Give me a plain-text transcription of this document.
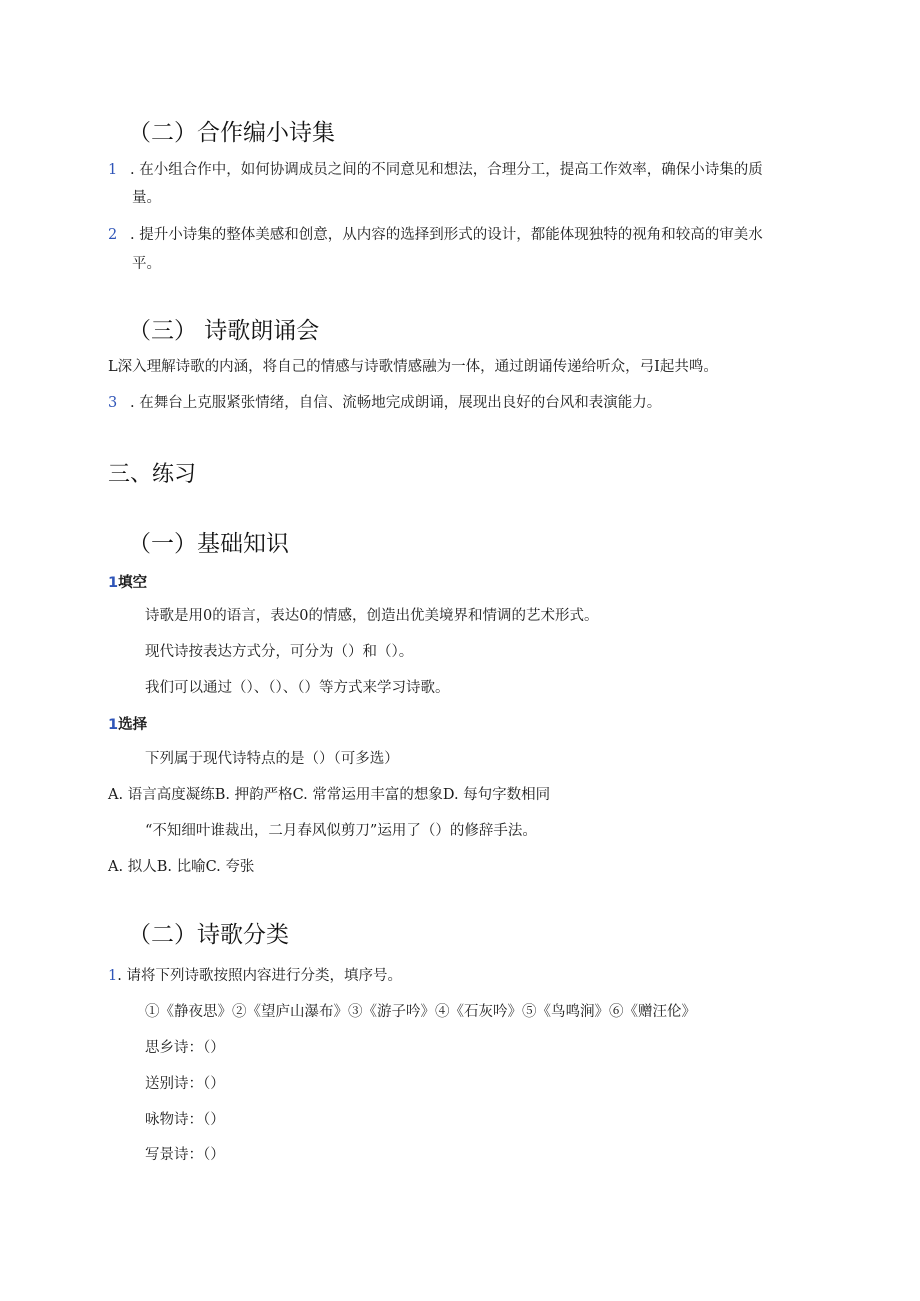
（二）合作编小诗集
1 . 在小组合作中，如何协调成员之间的不同意见和想法，合理分工，提高工作效率，确保小诗集的质
量。
2 . 提升小诗集的整体美感和创意，从内容的选择到形式的设计，都能体现独特的视角和较高的审美水
平。
（三） 诗歌朗诵会
L深入理解诗歌的内涵，将自己的情感与诗歌情感融为一体，通过朗诵传递给听众，弓I起共鸣。
3 . 在舞台上克服紧张情绪，自信、流畅地完成朗诵，展现出良好的台风和表演能力。
三、练习
（一）基础知识
1填空
诗歌是用0的语言，表达0的情感，创造出优美境界和情调的艺术形式。
现代诗按表达方式分，可分为（）和（）。
我们可以通过（）、（）、（）等方式来学习诗歌。
1选择
下列属于现代诗特点的是（）（可多选）
A. 语言高度凝练B. 押韵严格C. 常常运用丰富的想象D. 每句字数相同
“不知细叶谁裁出，二月春风似剪刀”运用了（）的修辞手法。
A. 拟人B. 比喻C. 夸张
（二）诗歌分类
1. 请将下列诗歌按照内容进行分类，填序号。
①《静夜思》②《望庐山瀑布》③《游子吟》④《石灰吟》⑤《鸟鸣涧》⑥《赠汪伦》
思乡诗：（）
送别诗：（）
咏物诗：（）
写景诗：（）
